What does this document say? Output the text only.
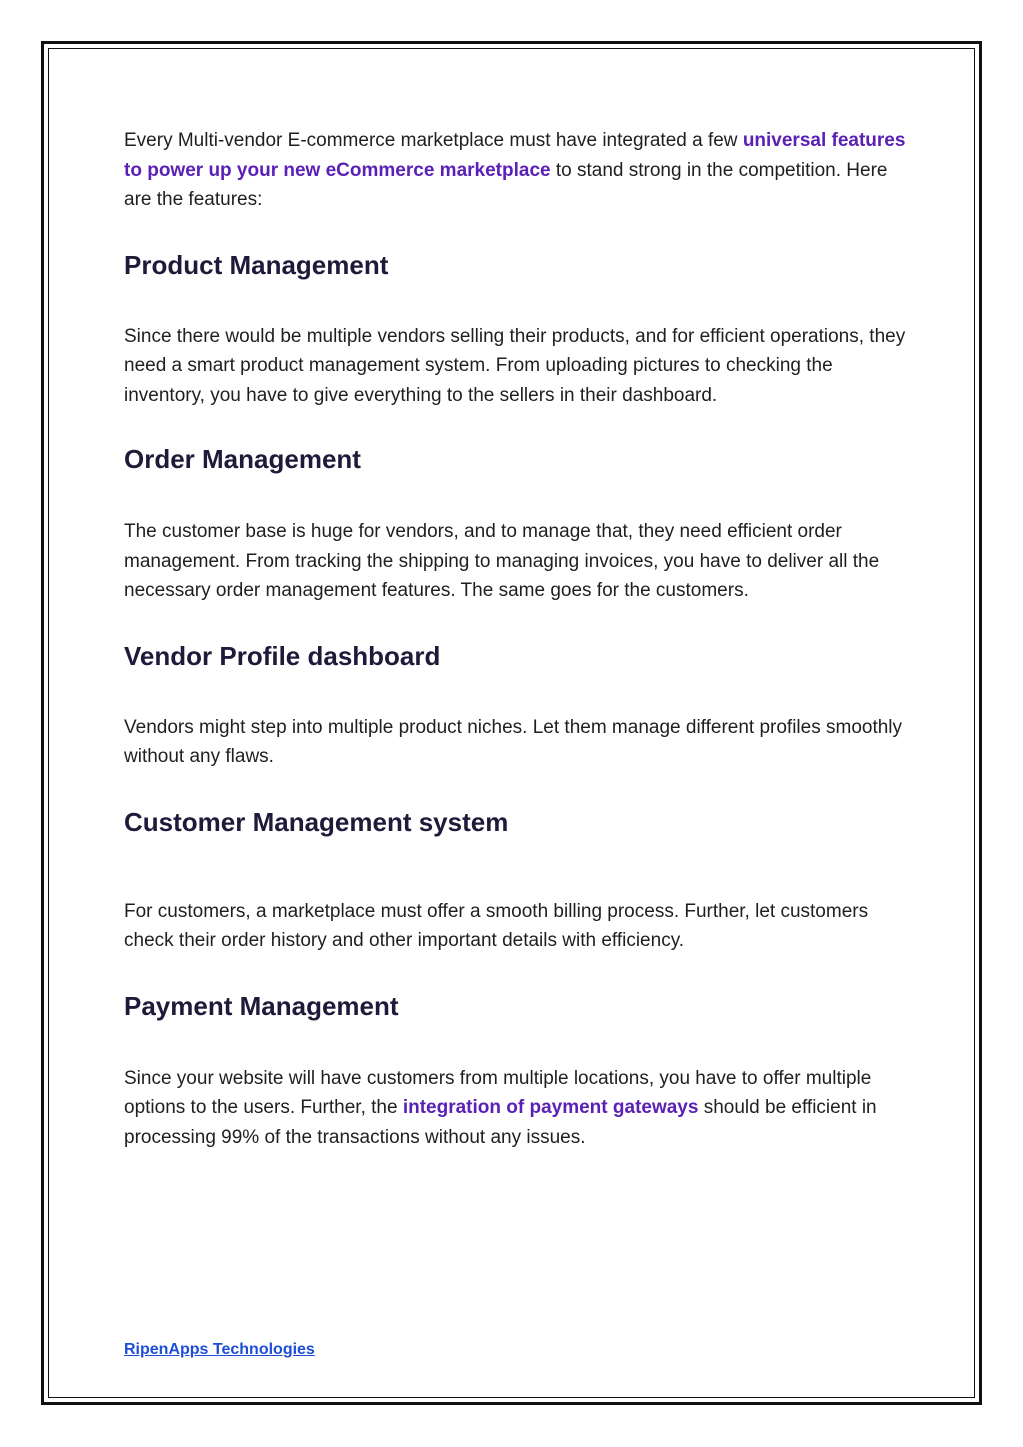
Every Multi-vendor E-commerce marketplace must have integrated a few universal features to power up your new eCommerce marketplace to stand strong in the competition. Here are the features:

Product Management

Since there would be multiple vendors selling their products, and for efficient operations, they need a smart product management system. From uploading pictures to checking the inventory, you have to give everything to the sellers in their dashboard.

Order Management

The customer base is huge for vendors, and to manage that, they need efficient order management. From tracking the shipping to managing invoices, you have to deliver all the necessary order management features. The same goes for the customers.

Vendor Profile dashboard

Vendors might step into multiple product niches. Let them manage different profiles smoothly without any flaws.

Customer Management system

For customers, a marketplace must offer a smooth billing process. Further, let customers check their order history and other important details with efficiency.

Payment Management

Since your website will have customers from multiple locations, you have to offer multiple options to the users. Further, the integration of payment gateways should be efficient in processing 99% of the transactions without any issues.

RipenApps Technologies
